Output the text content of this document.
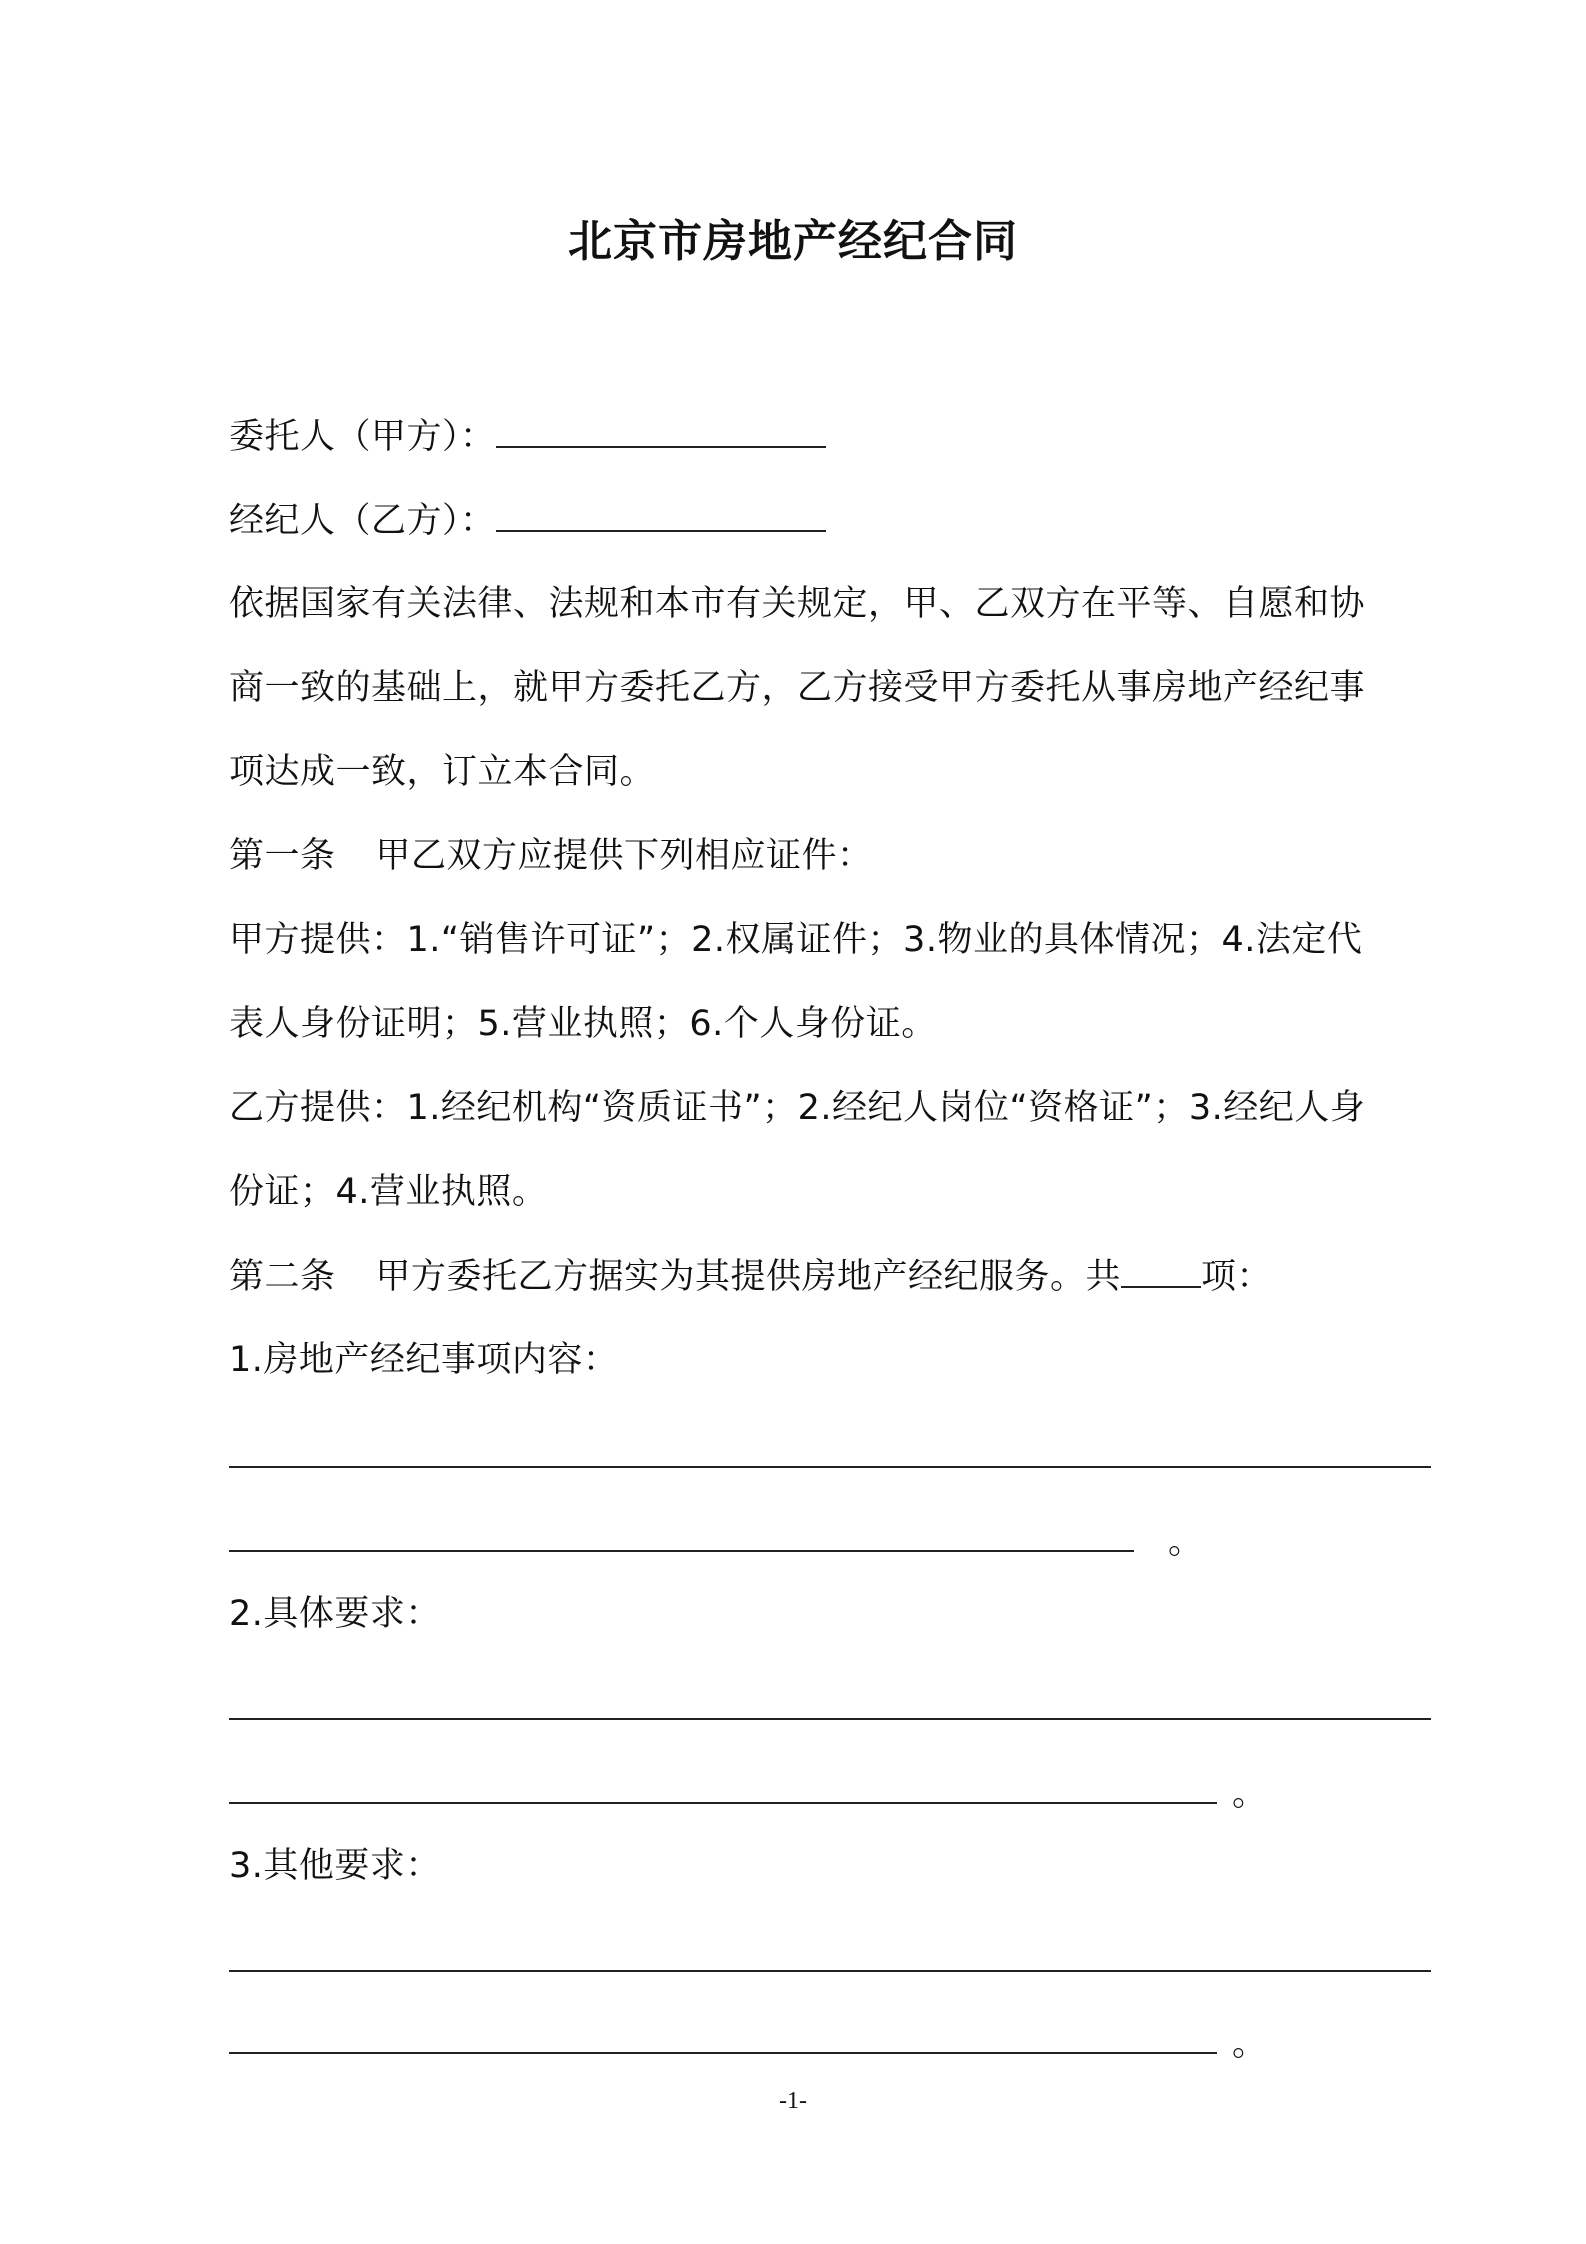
北京市房地产经纪合同
委托人（甲方）：
经纪人（乙方）：
依据国家有关法律、法规和本市有关规定，甲、乙双方在平等、自愿和协
商一致的基础上，就甲方委托乙方，乙方接受甲方委托从事房地产经纪事
项达成一致，订立本合同。
第一条 甲乙双方应提供下列相应证件：
甲方提供：1.“销售许可证”；2.权属证件；3.物业的具体情况；4.法定代
表人身份证明；5.营业执照；6.个人身份证。
乙方提供：1.经纪机构“资质证书”；2.经纪人岗位“资格证”；3.经纪人身
份证；4.营业执照。
第二条 甲方委托乙方据实为其提供房地产经纪服务。共 项：
1.房地产经纪事项内容：
。
2.具体要求：
。
3.其他要求：
。
-1-
